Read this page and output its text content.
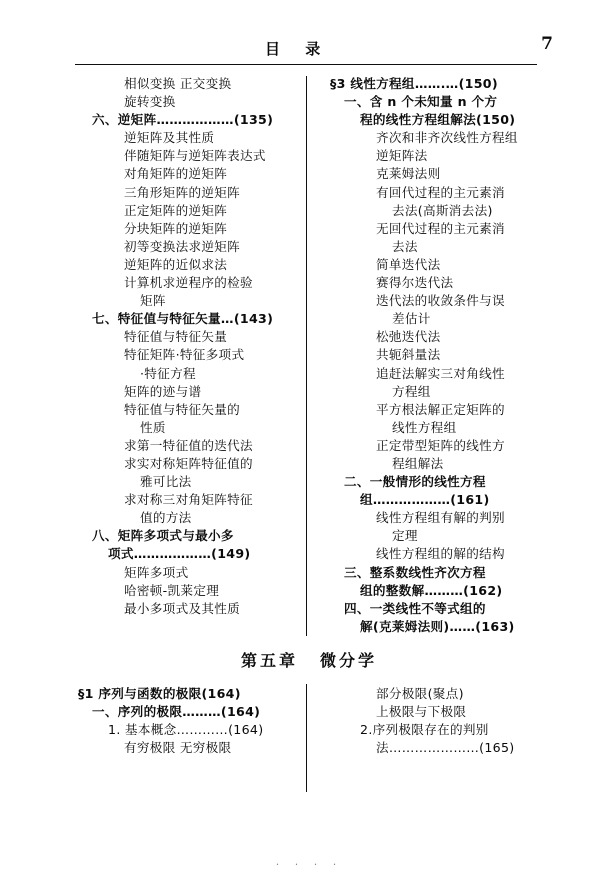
目 录	7
相似变换 正交变换
旋转变换
六、逆矩阵………………(135)
逆矩阵及其性质
伴随矩阵与逆矩阵表达式
对角矩阵的逆矩阵
三角形矩阵的逆矩阵
正定矩阵的逆矩阵
分块矩阵的逆矩阵
初等变换法求逆矩阵
逆矩阵的近似求法
计算机求逆程序的检验
矩阵
七、特征值与特征矢量…(143)
特征值与特征矢量
特征矩阵·特征多项式
·特征方程
矩阵的迹与谱
特征值与特征矢量的
性质
求第一特征值的迭代法
求实对称矩阵特征值的
雅可比法
求对称三对角矩阵特征
值的方法
八、矩阵多项式与最小多
项式………………(149)
矩阵多项式
哈密顿-凯莱定理
最小多项式及其性质
§3 线性方程组…….…(150)
一、含 n 个未知量 n 个方
程的线性方程组解法(150)
齐次和非齐次线性方程组
逆矩阵法
克莱姆法则
有回代过程的主元素消
去法(高斯消去法)
无回代过程的主元素消
去法
简单迭代法
赛得尔迭代法
迭代法的收敛条件与误
差估计
松弛迭代法
共轭斜量法
追赶法解实三对角线性
方程组
平方根法解正定矩阵的
线性方程组
正定带型矩阵的线性方
程组解法
二、一般情形的线性方程
组………………(161)
线性方程组有解的判别
定理
线性方程组的解的结构
三、整系数线性齐次方程
组的整数解………(162)
四、一类线性不等式组的
解(克莱姆法则)……(163)
第五章 微分学
§1 序列与函数的极限(164)
一、序列的极限………(164)
1. 基本概念…………(164)
有穷极限 无穷极限
部分极限(聚点)
上极限与下极限
2.序列极限存在的判别
法…………………(165)
· · · ·
